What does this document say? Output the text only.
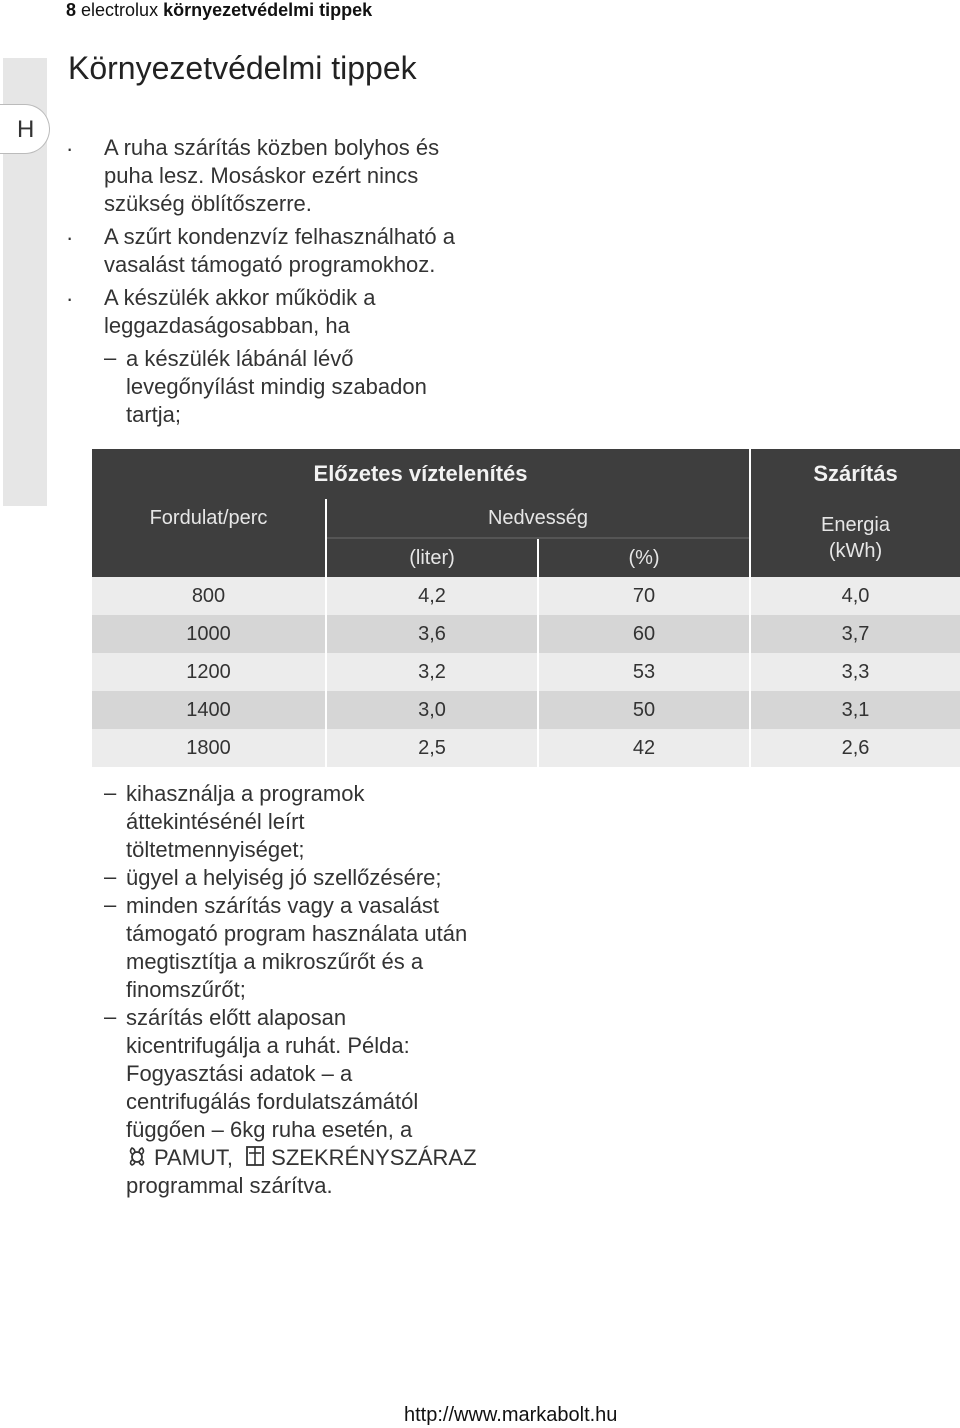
8 electrolux környezetvédelmi tippek
H
Környezetvédelmi tippek
· A ruha szárítás közben bolyhos és
puha lesz. Mosáskor ezért nincs
szükség öblítőszerre.

· A szűrt kondenzvíz felhasználható a
vasalást támogató programokhoz.

· A készülék akkor működik a
leggazdaságosabban, ha

– a készülék lábánál lévő
levegőnyílást mindig szabadon
tartja;

Előzetes víztelenítés			Szárítás
Fordulat/perc	Nedvesség		Energia
(kWh)
	(liter)	(%)	
800	4,2	70	4,0
1000	3,6	60	3,7
1200	3,2	53	3,3
1400	3,0	50	3,1
1800	2,5	42	2,6
– kihasználja a programok
áttekintésénél leírt
töltetmennyiséget;

– ügyel a helyiség jó szellőzésére;

– minden szárítás vagy a vasalást
támogató program használata után
megtisztítja a mikroszűrőt és a
finomszűrőt;

– szárítás előtt alaposan
kicentrifugálja a ruhát. Példa:
Fogyasztási adatok – a
centrifugálás fordulatszámától
függően – 6kg ruha esetén, a
PAMUT, SZEKRÉNYSZÁRAZ
programmal szárítva.

http://www.markabolt.hu
